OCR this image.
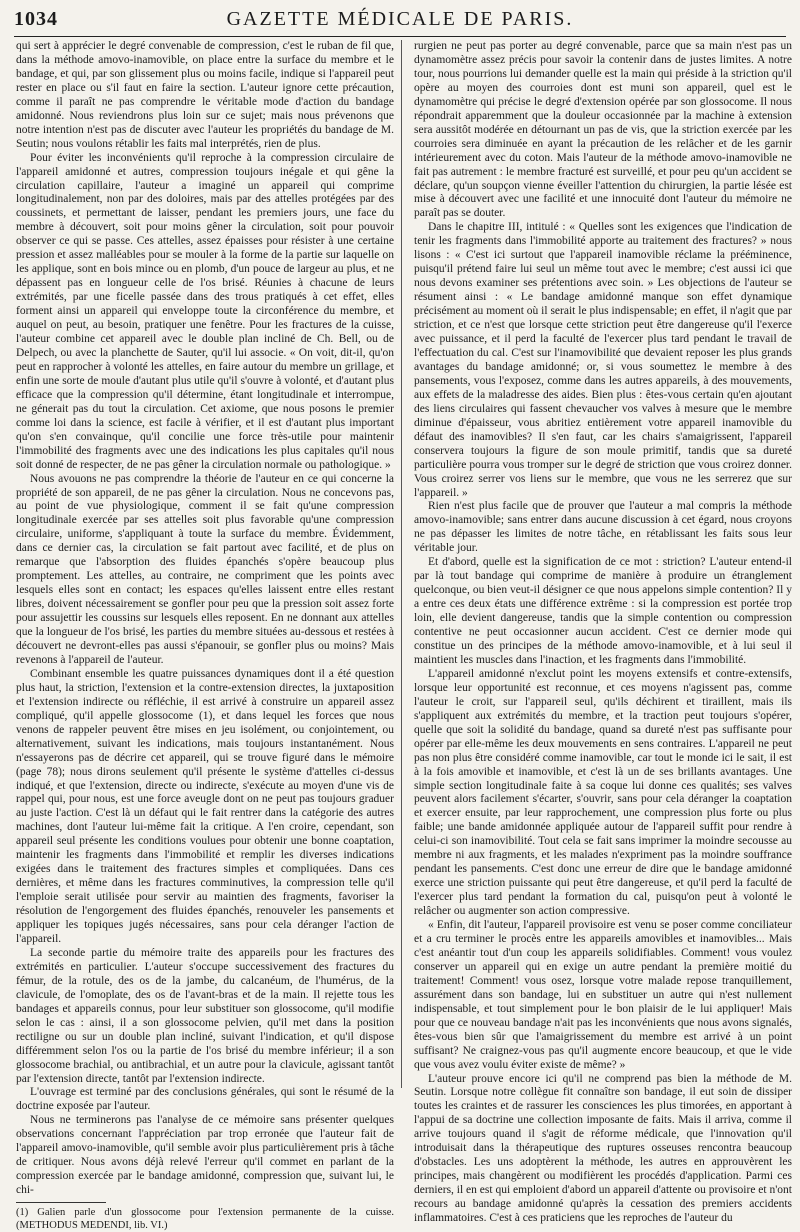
1034	GAZETTE MÉDICALE DE PARIS.

qui sert à apprécier le degré convenable de compression, c'est le ruban de fil que, dans la méthode amovo-inamovible, on place entre la surface du membre et le bandage, et qui, par son glissement plus ou moins facile, indique si l'appareil peut rester en place ou s'il faut en faire la section. L'auteur ignore cette précaution, comme il paraît ne pas comprendre le véritable mode d'action du bandage amidonné. Nous reviendrons plus loin sur ce sujet; mais nous prévenons que notre intention n'est pas de discuter avec l'auteur les propriétés du bandage de M. Seutin; nous voulons rétablir les faits mal interprétés, rien de plus.

Pour éviter les inconvénients qu'il reproche à la compression circulaire de l'appareil amidonné et autres, compression toujours inégale et qui gêne la circulation capillaire, l'auteur a imaginé un appareil qui comprime longitudinalement, non par des doloires, mais par des attelles protégées par des coussinets, et permettant de laisser, pendant les premiers jours, une face du membre à découvert, soit pour moins gêner la circulation, soit pour pouvoir observer ce qui se passe. Ces attelles, assez épaisses pour résister à une certaine pression et assez malléables pour se mouler à la forme de la partie sur laquelle on les applique, sont en bois mince ou en plomb, d'un pouce de largeur au plus, et ne dépassent pas en longueur celle de l'os brisé. Réunies à chacune de leurs extrémités, par une ficelle passée dans des trous pratiqués à cet effet, elles forment ainsi un appareil qui enveloppe toute la circonférence du membre, et auquel on peut, au besoin, pratiquer une fenêtre. Pour les fractures de la cuisse, l'auteur combine cet appareil avec le double plan incliné de Ch. Bell, ou de Delpech, ou avec la planchette de Sauter, qu'il lui associe. « On voit, dit-il, qu'on peut en rapprocher à volonté les attelles, en faire autour du membre un grillage, et enfin une sorte de moule d'autant plus utile qu'il s'ouvre à volonté, et d'autant plus efficace que la compression qu'il détermine, étant longitudinale et interrompue, ne génerait pas du tout la circulation. Cet axiome, que nous posons le premier comme loi dans la science, est facile à vérifier, et il est d'autant plus important qu'on s'en convainque, qu'il concilie une force très-utile pour maintenir l'immobilité des fragments avec une des indications les plus capitales qu'il nous soit donné de respecter, de ne pas gêner la circulation normale ou pathologique. »

Nous avouons ne pas comprendre la théorie de l'auteur en ce qui concerne la propriété de son appareil, de ne pas gêner la circulation. Nous ne concevons pas, au point de vue physiologique, comment il se fait qu'une compression longitudinale exercée par ses attelles soit plus favorable qu'une compression circulaire, uniforme, s'appliquant à toute la surface du membre. Évidemment, dans ce dernier cas, la circulation se fait partout avec facilité, et de plus on remarque que l'absorption des fluides épanchés s'opère beaucoup plus promptement. Les attelles, au contraire, ne compriment que les points avec lesquels elles sont en contact; les espaces qu'elles laissent entre elles restant libres, doivent nécessairement se gonfler pour peu que la pression soit assez forte pour assujettir les coussins sur lesquels elles reposent. En ne donnant aux attelles que la longueur de l'os brisé, les parties du membre situées au-dessous et restées à découvert ne devront-elles pas aussi s'épanouir, se gonfler plus ou moins? Mais revenons à l'appareil de l'auteur.

Combinant ensemble les quatre puissances dynamiques dont il a été question plus haut, la striction, l'extension et la contre-extension directes, la juxtaposition et l'extension indirecte ou réfléchie, il est arrivé à construire un appareil assez compliqué, qu'il appelle glossocome (1), et dans lequel les forces que nous venons de rappeler peuvent être mises en jeu isolément, ou conjointement, ou alternativement, suivant les indications, mais toujours instantanément. Nous n'essayerons pas de décrire cet appareil, qui se trouve figuré dans le mémoire (page 78); nous dirons seulement qu'il présente le système d'attelles ci-dessus indiqué, et que l'extension, directe ou indirecte, s'exécute au moyen d'une vis de rappel qui, pour nous, est une force aveugle dont on ne peut pas toujours graduer au juste l'action. C'est là un défaut qui le fait rentrer dans la catégorie des autres machines, dont l'auteur lui-même fait la critique. A l'en croire, cependant, son appareil seul présente les conditions voulues pour obtenir une bonne coaptation, maintenir les fragments dans l'immobilité et remplir les diverses indications exigées dans le traitement des fractures simples et compliquées. Dans ces dernières, et même dans les fractures comminutives, la compression telle qu'il l'emploie serait utilisée pour servir au maintien des fragments, favoriser la résolution de l'engorgement des fluides épanchés, renouveler les pansements et appliquer les topiques jugés nécessaires, sans pour cela déranger l'action de l'appareil.

La seconde partie du mémoire traite des appareils pour les fractures des extrémités en particulier. L'auteur s'occupe successivement des fractures du fémur, de la rotule, des os de la jambe, du calcanéum, de l'humérus, de la clavicule, de l'omoplate, des os de l'avant-bras et de la main. Il rejette tous les bandages et appareils connus, pour leur substituer son glossocome, qu'il modifie selon le cas : ainsi, il a son glossocome pelvien, qu'il met dans la position rectiligne ou sur un double plan incliné, suivant l'indication, et qu'il dispose différemment selon l'os ou la partie de l'os brisé du membre inférieur; il a son glossocome brachial, ou antibrachial, et un autre pour la clavicule, agissant tantôt par l'extension directe, tantôt par l'extension indirecte.

L'ouvrage est terminé par des conclusions générales, qui sont le résumé de la doctrine exposée par l'auteur.

Nous ne terminerons pas l'analyse de ce mémoire sans présenter quelques observations concernant l'appréciation par trop erronée que l'auteur fait de l'appareil amovo-inamovible, qu'il semble avoir plus particulièrement pris à tâche de critiquer. Nous avons déjà relevé l'erreur qu'il commet en parlant de la compression exercée par le bandage amidonné, compression que, suivant lui, le chi-

(1) Galien parle d'un glossocome pour l'extension permanente de la cuisse. (METHODUS MEDENDI, lib. VI.)

rurgien ne peut pas porter au degré convenable, parce que sa main n'est pas un dynamomètre assez précis pour savoir la contenir dans de justes limites. A notre tour, nous pourrions lui demander quelle est la main qui préside à la striction qu'il opère au moyen des courroies dont est muni son appareil, quel est le dynamomètre qui précise le degré d'extension opérée par son glossocome. Il nous répondrait apparemment que la douleur occasionnée par la machine à extension sera aussitôt modérée en détournant un pas de vis, que la striction exercée par les courroies sera diminuée en ayant la précaution de les relâcher et de les garnir intérieurement avec du coton. Mais l'auteur de la méthode amovo-inamovible ne fait pas autrement : le membre fracturé est surveillé, et pour peu qu'un accident se déclare, qu'un soupçon vienne éveiller l'attention du chirurgien, la partie lésée est mise à découvert avec une facilité et une innocuité dont l'auteur du mémoire ne paraît pas se douter.

Dans le chapitre III, intitulé : « Quelles sont les exigences que l'indication de tenir les fragments dans l'immobilité apporte au traitement des fractures? » nous lisons : « C'est ici surtout que l'appareil inamovible réclame la prééminence, puisqu'il prétend faire lui seul un même tout avec le membre; c'est aussi ici que nous devons examiner ses prétentions avec soin. » Les objections de l'auteur se résument ainsi : « Le bandage amidonné manque son effet dynamique précisément au moment où il serait le plus indispensable; en effet, il n'agit que par striction, et ce n'est que lorsque cette striction peut être dangereuse qu'il l'exerce avec puissance, et il perd la faculté de l'exercer plus tard pendant le travail de l'effectuation du cal. C'est sur l'inamovibilité que devaient reposer les plus grands avantages du bandage amidonné; or, si vous soumettez le membre à des pansements, vous l'exposez, comme dans les autres appareils, à des mouvements, aux effets de la maladresse des aides. Bien plus : êtes-vous certain qu'en ajoutant des liens circulaires qui fassent chevaucher vos valves à mesure que le membre diminue d'épaisseur, vous abritiez entièrement votre appareil inamovible du défaut des inamovibles? Il s'en faut, car les chairs s'amaigrissent, l'appareil conservera toujours la figure de son moule primitif, tandis que sa dureté particulière pourra vous tromper sur le degré de striction que vous croirez donner. Vous croirez serrer vos liens sur le membre, que vous ne les serrerez que sur l'appareil. »

Rien n'est plus facile que de prouver que l'auteur a mal compris la méthode amovo-inamovible; sans entrer dans aucune discussion à cet égard, nous croyons ne pas dépasser les limites de notre tâche, en rétablissant les faits sous leur véritable jour.

Et d'abord, quelle est la signification de ce mot : striction? L'auteur entend-il par là tout bandage qui comprime de manière à produire un étranglement quelconque, ou bien veut-il désigner ce que nous appelons simple contention? Il y a entre ces deux états une différence extrême : si la compression est portée trop loin, elle devient dangereuse, tandis que la simple contention ou compression contentive ne peut occasionner aucun accident. C'est ce dernier mode qui constitue un des principes de la méthode amovo-inamovible, et à lui seul il maintient les muscles dans l'inaction, et les fragments dans l'immobilité.

L'appareil amidonné n'exclut point les moyens extensifs et contre-extensifs, lorsque leur opportunité est reconnue, et ces moyens n'agissent pas, comme l'auteur le croit, sur l'appareil seul, qu'ils déchirent et tiraillent, mais ils s'appliquent aux extrémités du membre, et la traction peut toujours s'opérer, quelle que soit la solidité du bandage, quand sa dureté n'est pas suffisante pour opérer par elle-même les deux mouvements en sens contraires. L'appareil ne peut pas non plus être considéré comme inamovible, car tout le monde ici le sait, il est à la fois amovible et inamovible, et c'est là un de ses brillants avantages. Une simple section longitudinale faite à sa coque lui donne ces qualités; ses valves peuvent alors facilement s'écarter, s'ouvrir, sans pour cela déranger la coaptation et exercer ensuite, par leur rapprochement, une compression plus forte ou plus faible; une bande amidonnée appliquée autour de l'appareil suffit pour rendre à celui-ci son inamovibilité. Tout cela se fait sans imprimer la moindre secousse au membre ni aux fragments, et les malades n'expriment pas la moindre souffrance pendant les pansements. C'est donc une erreur de dire que le bandage amidonné exerce une striction puissante qui peut être dangereuse, et qu'il perd la faculté de l'exercer plus tard pendant la formation du cal, puisqu'on peut à volonté le relâcher ou augmenter son action compressive.

« Enfin, dit l'auteur, l'appareil provisoire est venu se poser comme conciliateur et a cru terminer le procès entre les appareils amovibles et inamovibles... Mais c'est anéantir tout d'un coup les appareils solidifiables. Comment! vous voulez conserver un appareil qui en exige un autre pendant la première moitié du traitement! Comment! vous osez, lorsque votre malade repose tranquillement, assurément dans son bandage, lui en substituer un autre qui n'est nullement indispensable, et tout simplement pour le bon plaisir de le lui appliquer! Mais pour que ce nouveau bandage n'ait pas les inconvénients que nous avons signalés, êtes-vous bien sûr que l'amaigrissement du membre est arrivé à un point suffisant? Ne craignez-vous pas qu'il augmente encore beaucoup, et que le vide que vous avez voulu éviter existe de même? »

L'auteur prouve encore ici qu'il ne comprend pas bien la méthode de M. Seutin. Lorsque notre collègue fit connaître son bandage, il eut soin de dissiper toutes les craintes et de rassurer les consciences les plus timorées, en apportant à l'appui de sa doctrine une collection imposante de faits. Mais il arriva, comme il arrive toujours quand il s'agit de réforme médicale, que l'innovation qu'il introduisait dans la thérapeutique des ruptures osseuses rencontra beaucoup d'obstacles. Les uns adoptèrent la méthode, les autres en approuvèrent les principes, mais changèrent ou modifièrent les procédés d'application. Parmi ces derniers, il en est qui emploient d'abord un appareil d'attente ou provisoire et n'ont recours au bandage amidonné qu'après la cessation des premiers accidents inflammatoires. C'est à ces praticiens que les reproches de l'auteur du
